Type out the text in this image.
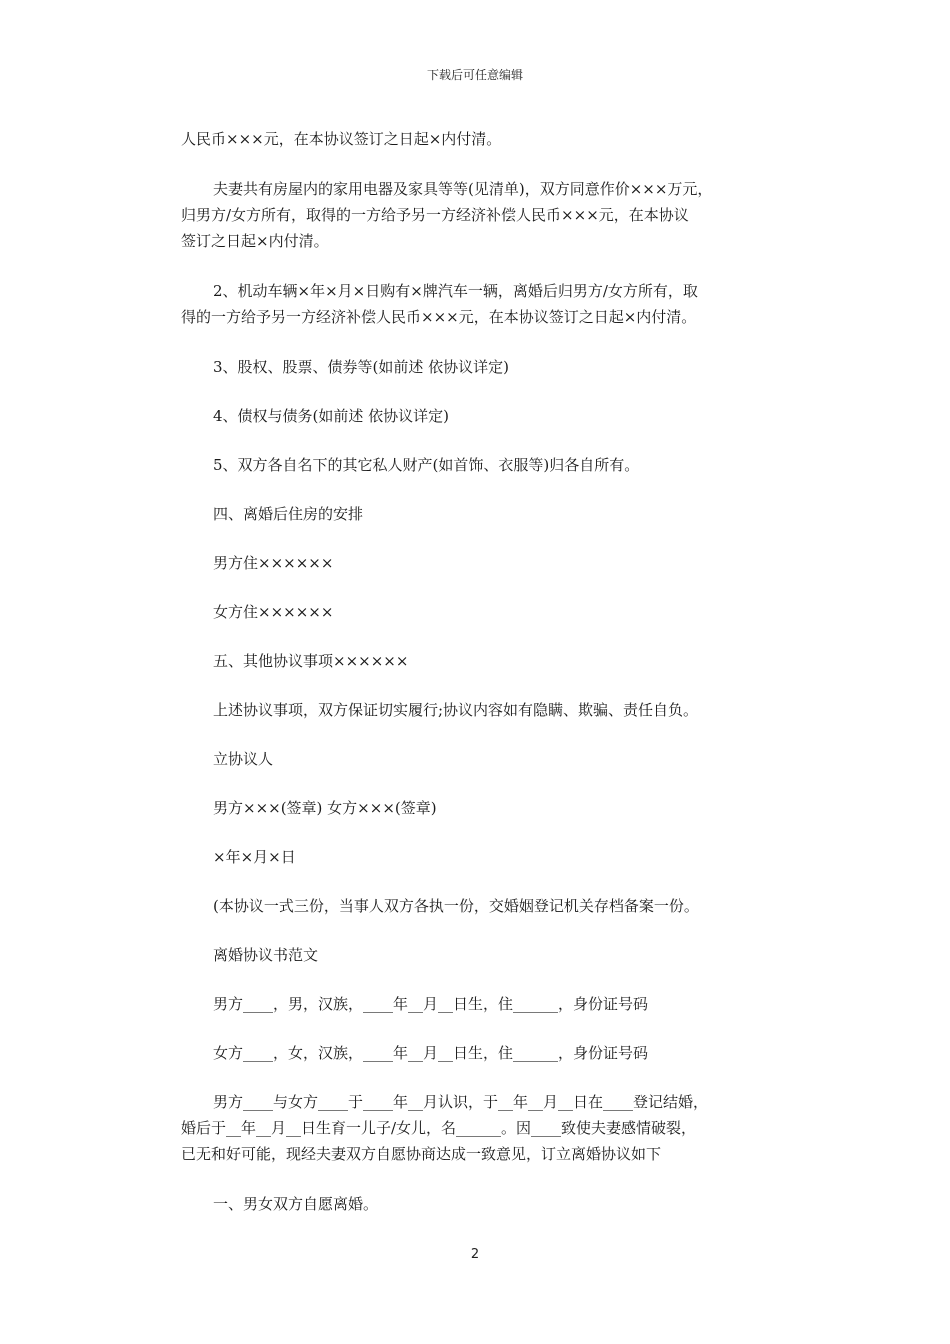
下载后可任意编辑
人民币×××元，在本协议签订之日起×内付清。
夫妻共有房屋内的家用电器及家具等等(见清单)，双方同意作价×××万元，
归男方/女方所有，取得的一方给予另一方经济补偿人民币×××元，在本协议
签订之日起×内付清。
2、机动车辆×年×月×日购有×牌汽车一辆，离婚后归男方/女方所有，取
得的一方给予另一方经济补偿人民币×××元，在本协议签订之日起×内付清。
3、股权、股票、债券等(如前述 依协议详定)
4、债权与债务(如前述 依协议详定)
5、双方各自名下的其它私人财产(如首饰、衣服等)归各自所有。
四、离婚后住房的安排
男方住××××××
女方住××××××
五、其他协议事项××××××
上述协议事项，双方保证切实履行;协议内容如有隐瞒、欺骗、责任自负。
立协议人
男方×××(签章) 女方×××(签章)
×年×月×日
(本协议一式三份，当事人双方各执一份，交婚姻登记机关存档备案一份。
离婚协议书范文
男方____，男，汉族，____年__月__日生，住______，身份证号码
女方____，女，汉族，____年__月__日生，住______，身份证号码
男方____与女方____于____年__月认识，于__年__月__日在____登记结婚，
婚后于__年__月__日生育一儿子/女儿，名______。因____致使夫妻感情破裂，
已无和好可能，现经夫妻双方自愿协商达成一致意见，订立离婚协议如下
一、男女双方自愿离婚。
2
